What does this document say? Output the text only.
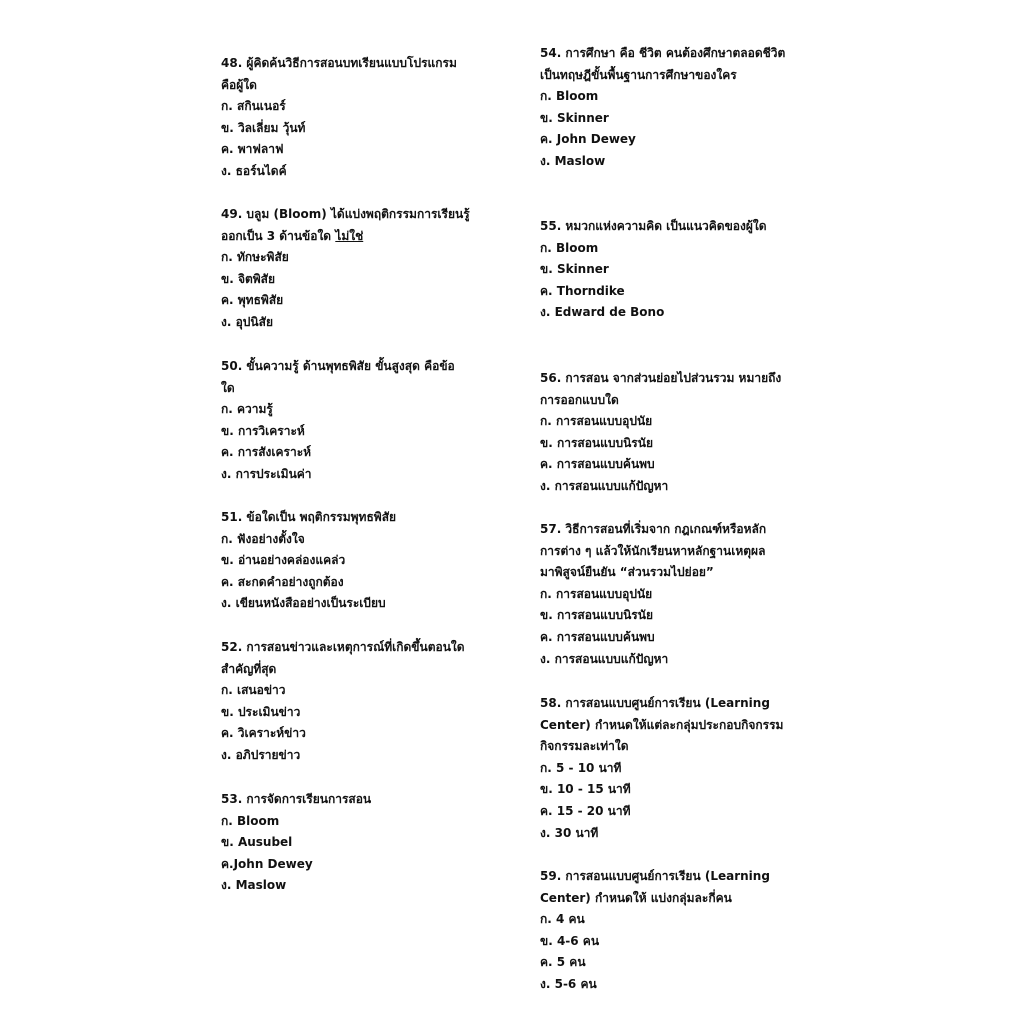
48. ผู้คิดค้นวิธีการสอนบทเรียนแบบโปรแกรม
คือผู้ใด
ก. สกินเนอร์
ข. วิลเลี่ยม วุ้นท์
ค. พาฟลาฟ
ง. ธอร์นไดค์
49. บลูม (Bloom) ได้แบ่งพฤติกรรมการเรียนรู้
ออกเป็น 3 ด้านข้อใด ไม่ใช่
ก. ทักษะพิสัย
ข. จิตพิสัย
ค. พุทธพิสัย
ง. อุปนิสัย
50. ขั้นความรู้ ด้านพุทธพิสัย ขั้นสูงสุด คือข้อ
ใด
ก. ความรู้
ข. การวิเคราะห์
ค. การสังเคราะห์
ง. การประเมินค่า
51. ข้อใดเป็น พฤติกรรมพุทธพิสัย
ก. ฟังอย่างตั้งใจ
ข. อ่านอย่างคล่องแคล่ว
ค. สะกดคำอย่างถูกต้อง
ง. เขียนหนังสืออย่างเป็นระเบียบ
52. การสอนข่าวและเหตุการณ์ที่เกิดขึ้นตอนใด
สำคัญที่สุด
ก. เสนอข่าว
ข. ประเมินข่าว
ค. วิเคราะห์ข่าว
ง. อภิปรายข่าว
53. การจัดการเรียนการสอน
ก. Bloom
ข. Ausubel
ค.John Dewey
ง. Maslow
54. การศึกษา คือ ชีวิต คนต้องศึกษาตลอดชีวิต
เป็นทฤษฎีขั้นพื้นฐานการศึกษาของใคร
ก. Bloom
ข. Skinner
ค. John Dewey
ง. Maslow
55. หมวกแห่งความคิด เป็นแนวคิดของผู้ใด
ก. Bloom
ข. Skinner
ค. Thorndike
ง. Edward de Bono
56. การสอน จากส่วนย่อยไปส่วนรวม หมายถึง
การออกแบบใด
ก. การสอนแบบอุปนัย
ข. การสอนแบบนิรนัย
ค. การสอนแบบค้นพบ
ง. การสอนแบบแก้ปัญหา
57. วิธีการสอนที่เริ่มจาก กฎเกณฑ์หรือหลัก
การต่าง ๆ แล้วให้นักเรียนหาหลักฐานเหตุผล
มาพิสูจน์ยืนยัน “ส่วนรวมไปย่อย”
ก. การสอนแบบอุปนัย
ข. การสอนแบบนิรนัย
ค. การสอนแบบค้นพบ
ง. การสอนแบบแก้ปัญหา
58. การสอนแบบศูนย์การเรียน (Learning
Center) กำหนดให้แต่ละกลุ่มประกอบกิจกรรม
กิจกรรมละเท่าใด
ก. 5 - 10 นาที
ข. 10 - 15 นาที
ค. 15 - 20 นาที
ง. 30 นาที
59. การสอนแบบศูนย์การเรียน (Learning
Center) กำหนดให้ แบ่งกลุ่มละกี่คน
ก. 4 คน
ข. 4-6 คน
ค. 5 คน
ง. 5-6 คน
